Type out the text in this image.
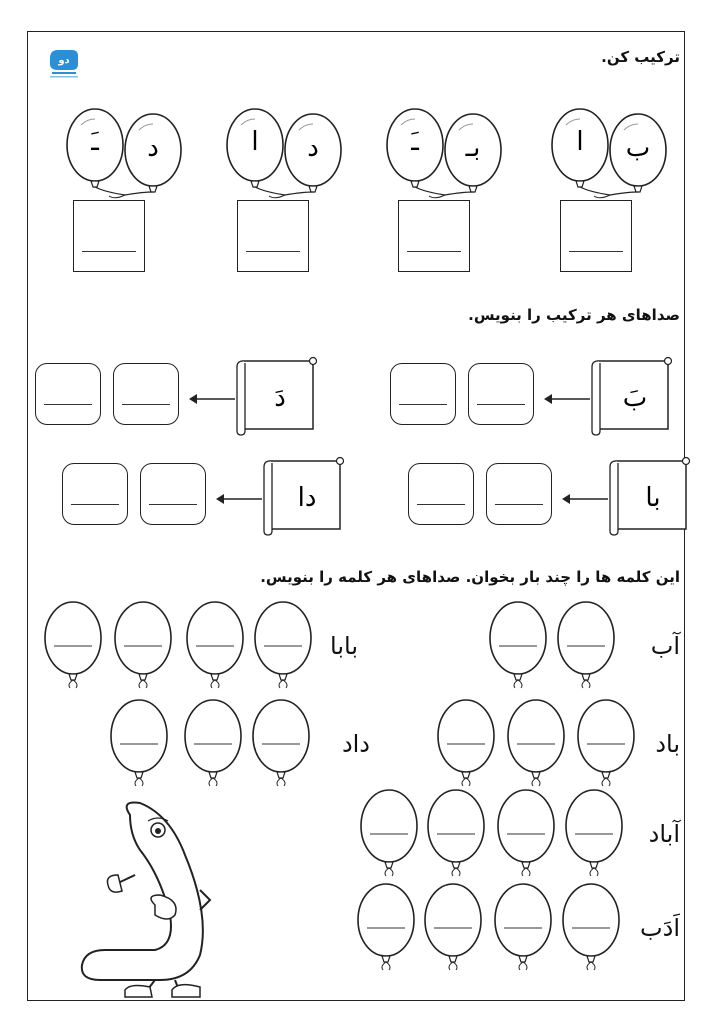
دو	ترکیب کن.
ا ب
ـَ بـ
ا د
ـَ د
صداهای هر ترکیب را بنویس.
بَ
دَ
با
دا
این کلمه ها را چند بار بخوان. صداهای هر کلمه را بنویس.
آب
بابا
باد
داد
آباد
اَدَب
